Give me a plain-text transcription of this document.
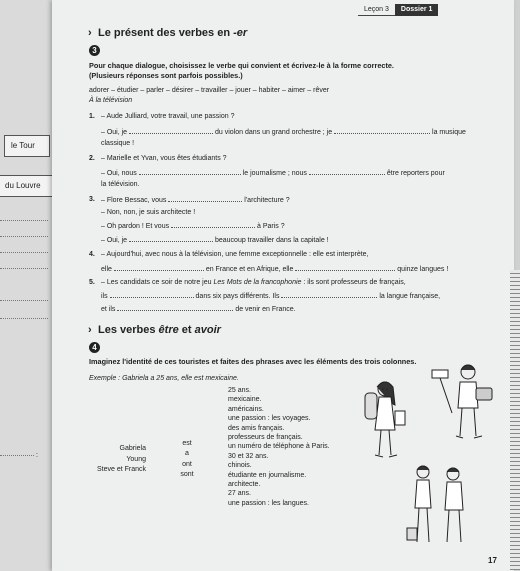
le Tour
du Louvre
:
Leçon 3	Dossier 1
› Le présent des verbes en -er
3
Pour chaque dialogue, choisissez le verbe qui convient et écrivez-le à la forme correcte.
(Plusieurs réponses sont parfois possibles.)
adorer – étudier – parler – désirer – travailler – jouer – habiter – aimer – rêver
À la télévision
1. – Aude Julliard, votre travail, une passion ?
– Oui, je	du violon dans un grand orchestre ; je	la musique
classique !
2. – Marielle et Yvan, vous êtes étudiants ?
– Oui, nous	le journalisme ; nous	être reporters pour
la télévision.
3. – Flore Bessac, vous	l'architecture ?
– Non, non, je suis architecte !
– Oh pardon ! Et vous	à Paris ?
– Oui, je	beaucoup travailler dans la capitale !
4. – Aujourd'hui, avec nous à la télévision, une femme exceptionnelle : elle est interprète,
elle	en France et en Afrique, elle	quinze langues !
5. – Les candidats ce soir de notre jeu Les Mots de la francophonie : ils sont professeurs de français,
ils	dans six pays différents. Ils	la langue française,
et ils	de venir en France.
› Les verbes être et avoir
4
Imaginez l'identité de ces touristes et faites des phrases avec les éléments des trois colonnes.
Exemple : Gabriela a 25 ans, elle est mexicaine.
Gabriela
Young
Steve et Franck
est
a
ont
sont
25 ans.
mexicaine.
américains.
une passion : les voyages.
des amis français.
professeurs de français.
un numéro de téléphone à Paris.
30 et 32 ans.
chinois.
étudiante en journalisme.
architecte.
27 ans.
une passion : les langues.
17
